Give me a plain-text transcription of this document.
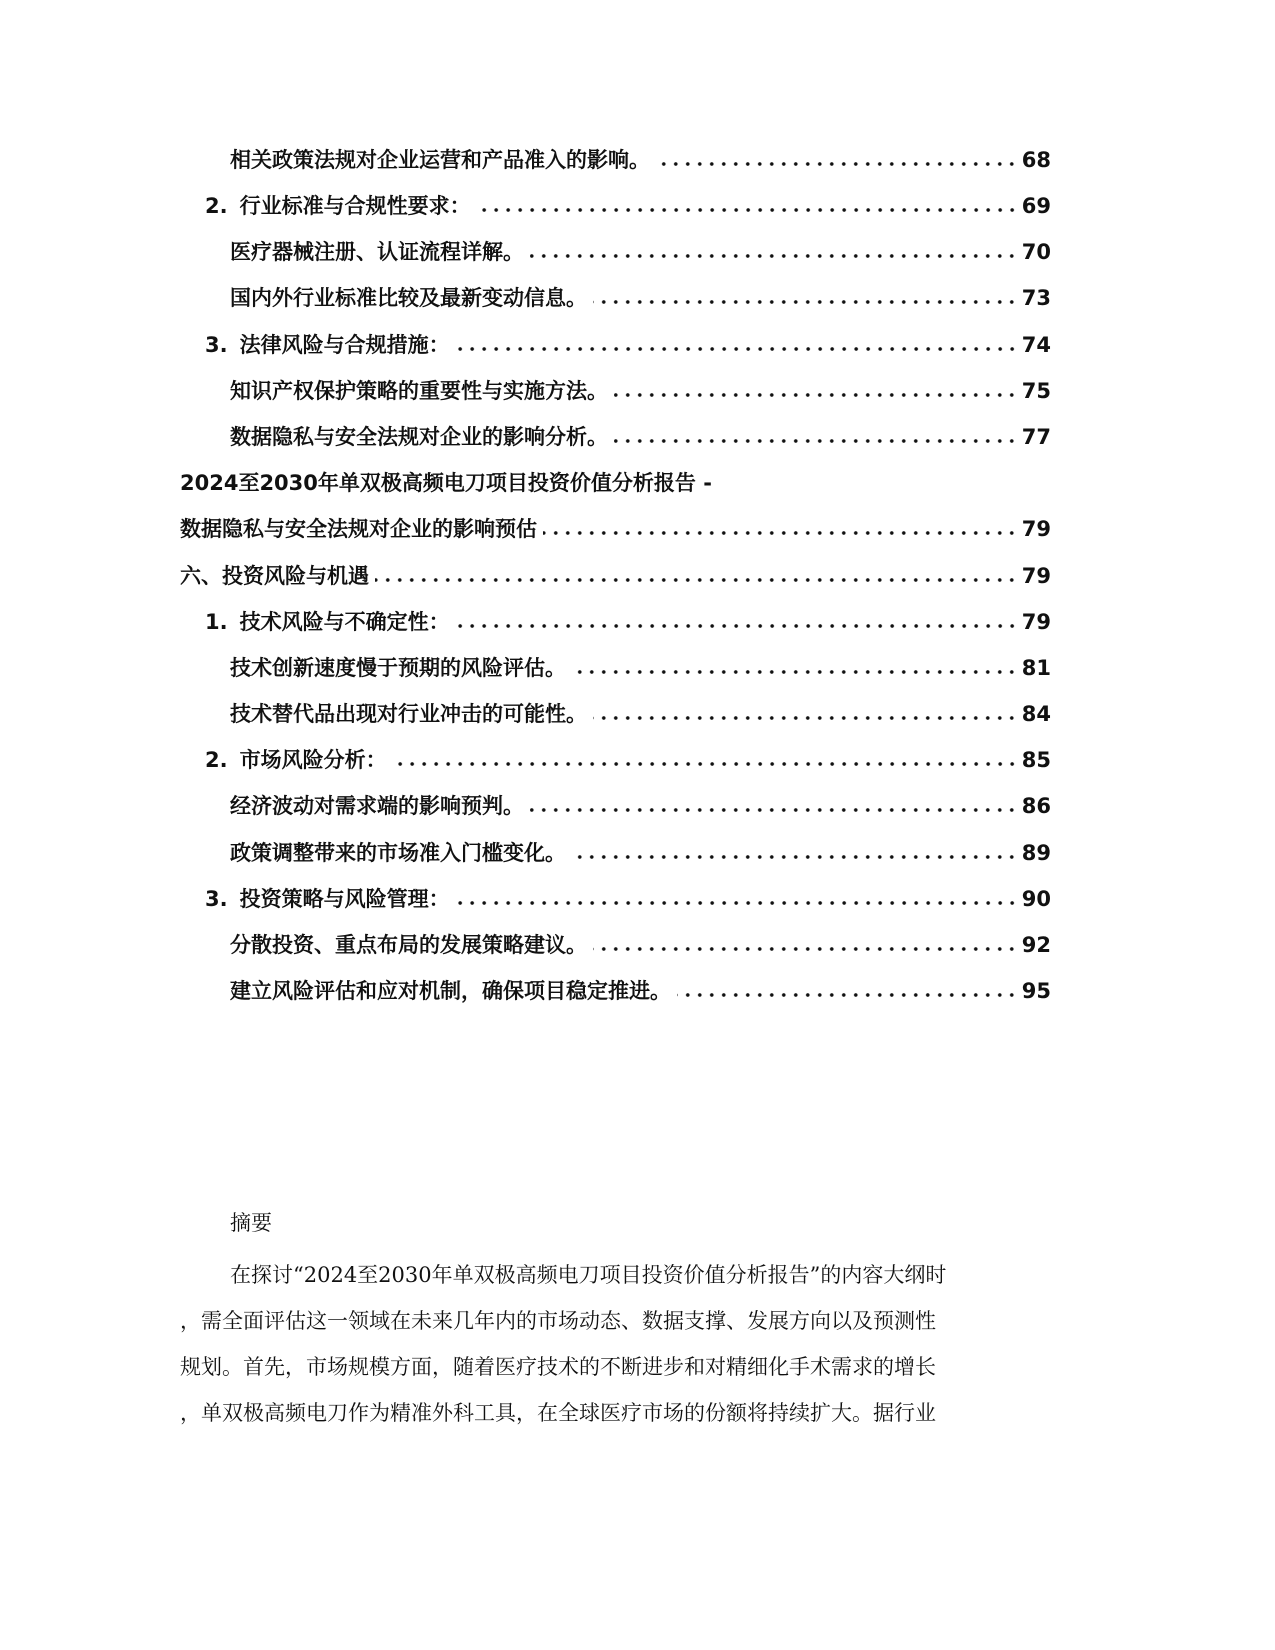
相关政策法规对企业运营和产品准入的影响。	68
2. 行业标准与合规性要求：	69
医疗器械注册、认证流程详解。	70
国内外行业标准比较及最新变动信息。	73
3. 法律风险与合规措施：	74
知识产权保护策略的重要性与实施方法。	75
数据隐私与安全法规对企业的影响分析。	77
2024至2030年单双极高频电刀项目投资价值分析报告 -
数据隐私与安全法规对企业的影响预估	79
六、投资风险与机遇	79
1. 技术风险与不确定性：	79
技术创新速度慢于预期的风险评估。	81
技术替代品出现对行业冲击的可能性。	84
2. 市场风险分析：	85
经济波动对需求端的影响预判。	86
政策调整带来的市场准入门槛变化。	89
3. 投资策略与风险管理：	90
分散投资、重点布局的发展策略建议。	92
建立风险评估和应对机制，确保项目稳定推进。	95
摘要
在探讨“2024至2030年单双极高频电刀项目投资价值分析报告”的内容大纲时
，需全面评估这一领域在未来几年内的市场动态、数据支撑、发展方向以及预测性
规划。首先，市场规模方面，随着医疗技术的不断进步和对精细化手术需求的增长
，单双极高频电刀作为精准外科工具，在全球医疗市场的份额将持续扩大。据行业
